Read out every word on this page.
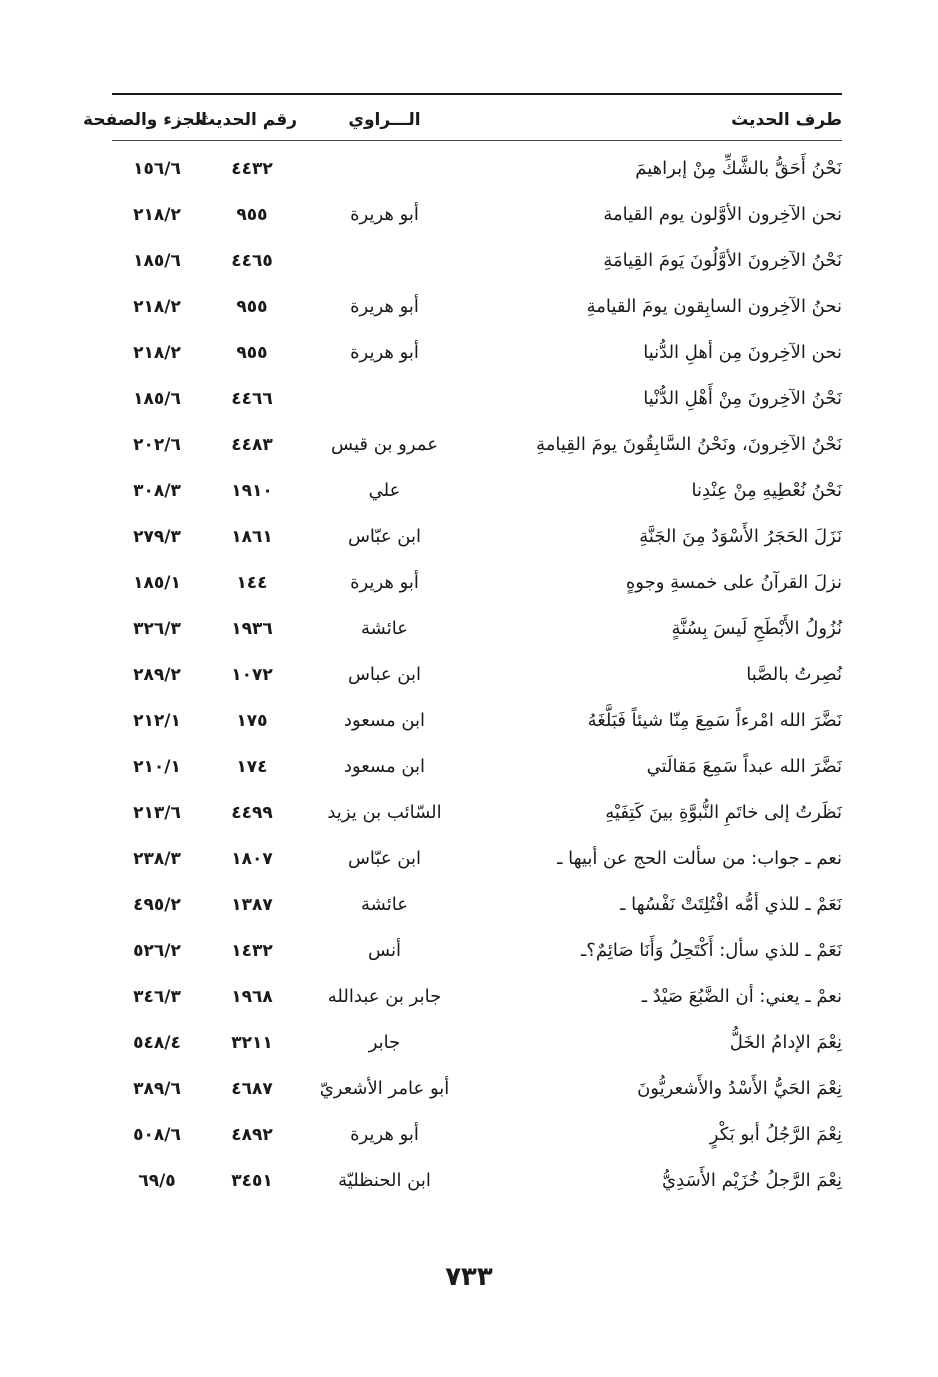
طرف الحديث
الـــراوي
رقم الحديث
الجزء والصفحة
نَحْنُ أَحَقُّ بالشَّكِّ مِنْ إبراهيمَ
٤٤٣٢
١٥٦/٦
نحن الآخِرون الأوَّلون يوم القيامة
أبو هريرة
٩٥٥
٢١٨/٢
نَحْنُ الآخِرونَ الأوَّلُونَ يَومَ القِيامَةِ
٤٤٦٥
١٨٥/٦
نحنُ الآخِرون السابِقون يومَ القيامةِ
أبو هريرة
٩٥٥
٢١٨/٢
نحن الآخِرونَ مِن أهلِ الدُّنيا
أبو هريرة
٩٥٥
٢١٨/٢
نَحْنُ الآخِرونَ مِنْ أَهْلِ الدُّنْيا
٤٤٦٦
١٨٥/٦
نَحْنُ الآخِرونَ، ونَحْنُ السَّابِقُونَ يومَ القِيامةِ
عمرو بن قيس
٤٤٨٣
٢٠٢/٦
نَحْنُ نُعْطِيهِ مِنْ عِنْدِنا
علي
١٩١٠
٣٠٨/٣
نَزَلَ الحَجَرُ الأَسْوَدُ مِنَ الجَنَّةِ
ابن عبّاس
١٨٦١
٢٧٩/٣
نزلَ القرآنُ على خمسةِ وجوهٍ
أبو هريرة
١٤٤
١٨٥/١
نُزُولُ الأَبْطَحِ لَيسَ بِسُنَّةٍ
عائشة
١٩٣٦
٣٢٦/٣
نُصِرتُ بالصَّبا
ابن عباس
١٠٧٢
٢٨٩/٢
نَضَّرَ الله امْرءاً سَمِعَ مِنّا شيئاً فَبَلَّغَهُ
ابن مسعود
١٧٥
٢١٢/١
نَضَّرَ الله عبداً سَمِعَ مَقالَتي
ابن مسعود
١٧٤
٢١٠/١
نَظَرتُ إلى خاتَمِ النُّبوَّةِ بينَ كَتِفَيْهِ
السّائب بن يزيد
٤٤٩٩
٢١٣/٦
نعم ـ جواب: من سألت الحج عن أبيها ـ
ابن عبّاس
١٨٠٧
٢٣٨/٣
نَعَمْ ـ للذي أمُّه افْتُلِتَتْ نَفْسُها ـ
عائشة
١٣٨٧
٤٩٥/٢
نَعَمْ ـ للذي سأل: أَكْتَحِلُ وَأَنَا صَائِمٌ؟ـ
أنس
١٤٣٢
٥٢٦/٢
نعمْ ـ يعني: أن الضَّبُعَ صَيْدٌ ـ
جابر بن عبدالله
١٩٦٨
٣٤٦/٣
نِعْمَ الإدامُ الخَلُّ
جابر
٣٢١١
٥٤٨/٤
نِعْمَ الحَيُّ الأَسْدُ والأَشعريُّونَ
أبو عامر الأشعريّ
٤٦٨٧
٣٨٩/٦
نِعْمَ الرَّجُلُ أبو بَكْرٍ
أبو هريرة
٤٨٩٢
٥٠٨/٦
نِعْمَ الرَّجلُ خُزَيْم الأَسَدِيُّ
ابن الحنظليّة
٣٤٥١
٦٩/٥
٧٣٣
